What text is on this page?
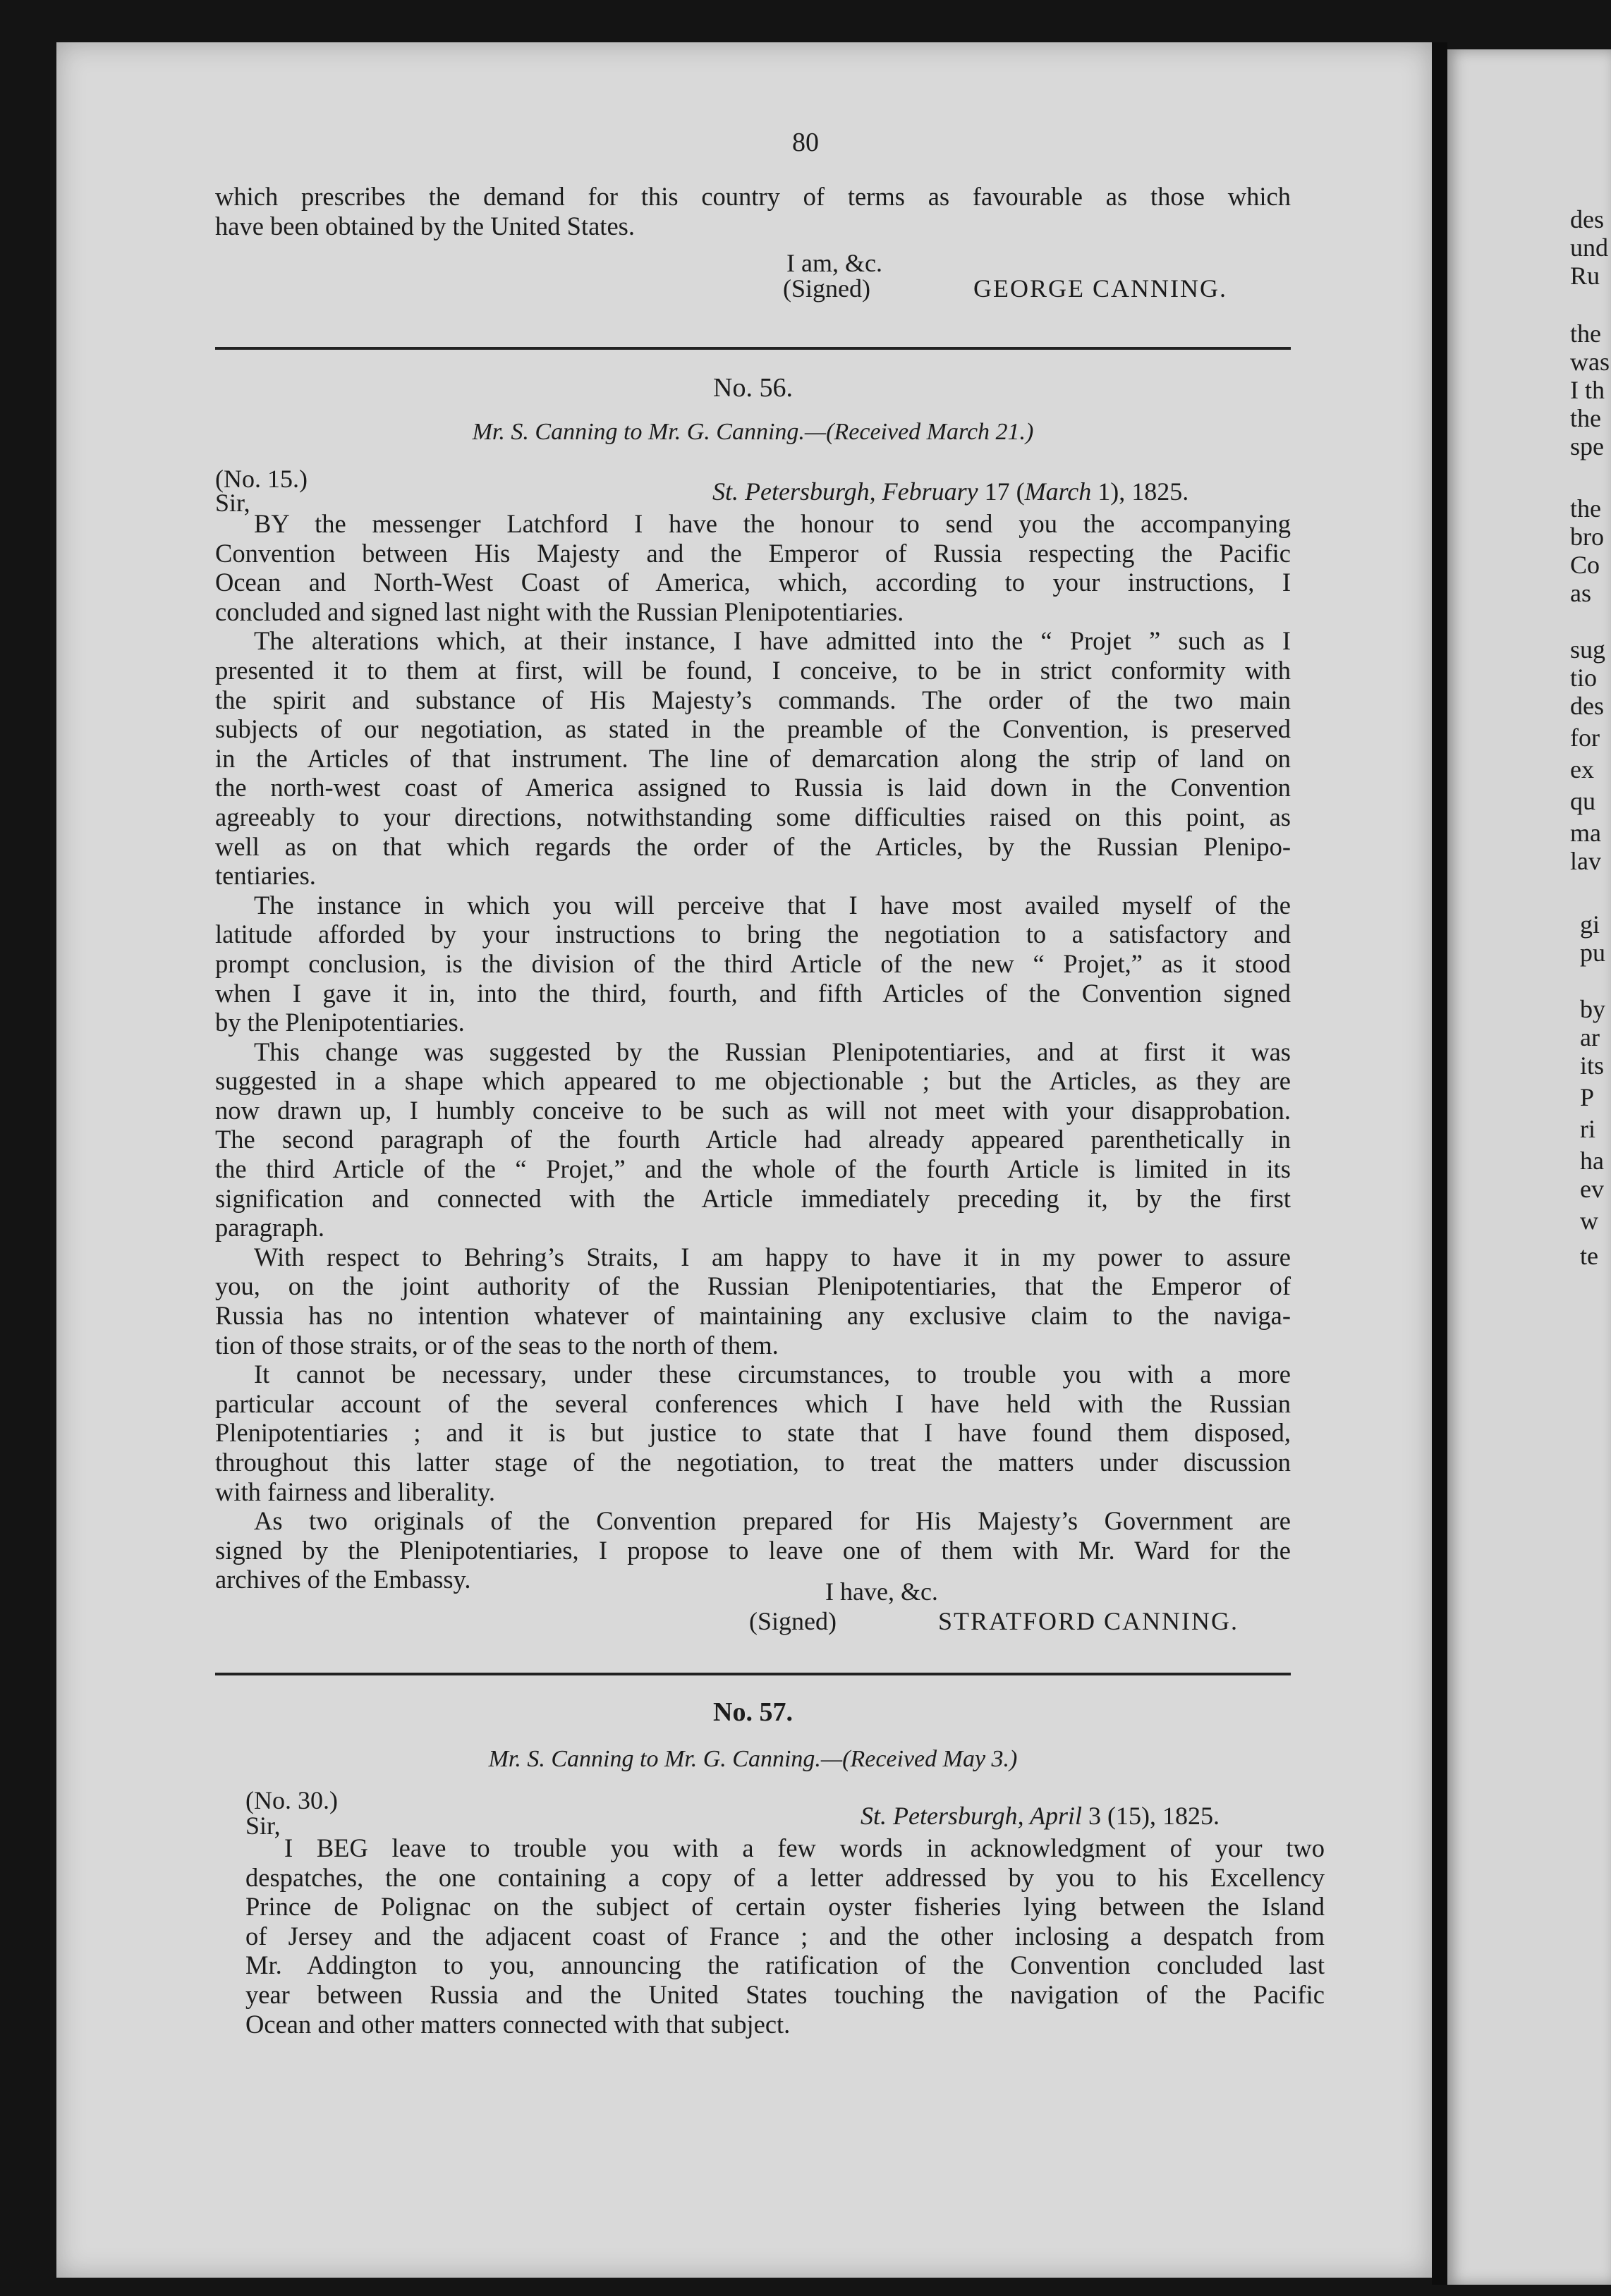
80
which prescribes the demand for this country of terms as favourable as those which
have been obtained by the United States.
I am, &c.
(Signed)	GEORGE CANNING.
No. 56.
Mr. S. Canning to Mr. G. Canning.—(Received March 21.)
(No. 15.)
Sir,	St. Petersburgh, February 17 (March 1), 1825.
BY the messenger Latchford I have the honour to send you the accompanying
Convention between His Majesty and the Emperor of Russia respecting the Pacific
Ocean and North-West Coast of America, which, according to your instructions, I
concluded and signed last night with the Russian Plenipotentiaries.
The alterations which, at their instance, I have admitted into the “ Projet ” such as I
presented it to them at first, will be found, I conceive, to be in strict conformity with
the spirit and substance of His Majesty’s commands. The order of the two main
subjects of our negotiation, as stated in the preamble of the Convention, is preserved
in the Articles of that instrument. The line of demarcation along the strip of land on
the north-west coast of America assigned to Russia is laid down in the Convention
agreeably to your directions, notwithstanding some difficulties raised on this point, as
well as on that which regards the order of the Articles, by the Russian Plenipo-
tentiaries.
The instance in which you will perceive that I have most availed myself of the
latitude afforded by your instructions to bring the negotiation to a satisfactory and
prompt conclusion, is the division of the third Article of the new “ Projet,” as it stood
when I gave it in, into the third, fourth, and fifth Articles of the Convention signed
by the Plenipotentiaries.
This change was suggested by the Russian Plenipotentiaries, and at first it was
suggested in a shape which appeared to me objectionable ; but the Articles, as they are
now drawn up, I humbly conceive to be such as will not meet with your disapprobation.
The second paragraph of the fourth Article had already appeared parenthetically in
the third Article of the “ Projet,” and the whole of the fourth Article is limited in its
signification and connected with the Article immediately preceding it, by the first
paragraph.
With respect to Behring’s Straits, I am happy to have it in my power to assure
you, on the joint authority of the Russian Plenipotentiaries, that the Emperor of
Russia has no intention whatever of maintaining any exclusive claim to the naviga-
tion of those straits, or of the seas to the north of them.
It cannot be necessary, under these circumstances, to trouble you with a more
particular account of the several conferences which I have held with the Russian
Plenipotentiaries ; and it is but justice to state that I have found them disposed,
throughout this latter stage of the negotiation, to treat the matters under discussion
with fairness and liberality.
As two originals of the Convention prepared for His Majesty’s Government are
signed by the Plenipotentiaries, I propose to leave one of them with Mr. Ward for the
archives of the Embassy.	I have, &c.
(Signed)	STRATFORD CANNING.
No. 57.
Mr. S. Canning to Mr. G. Canning.—(Received May 3.)
(No. 30.)
Sir,	St. Petersburgh, April 3 (15), 1825.
I BEG leave to trouble you with a few words in acknowledgment of your two
despatches, the one containing a copy of a letter addressed by you to his Excellency
Prince de Polignac on the subject of certain oyster fisheries lying between the Island
of Jersey and the adjacent coast of France ; and the other inclosing a despatch from
Mr. Addington to you, announcing the ratification of the Convention concluded last
year between Russia and the United States touching the navigation of the Pacific
Ocean and other matters connected with that subject.
des
und
Ru
the
was
I th
the
spe
the
bro
Co
as
sug
tio
des
for
ex
qu
ma
lav
gi
pu
by
ar
its
P
ri
ha
ev
w
te
